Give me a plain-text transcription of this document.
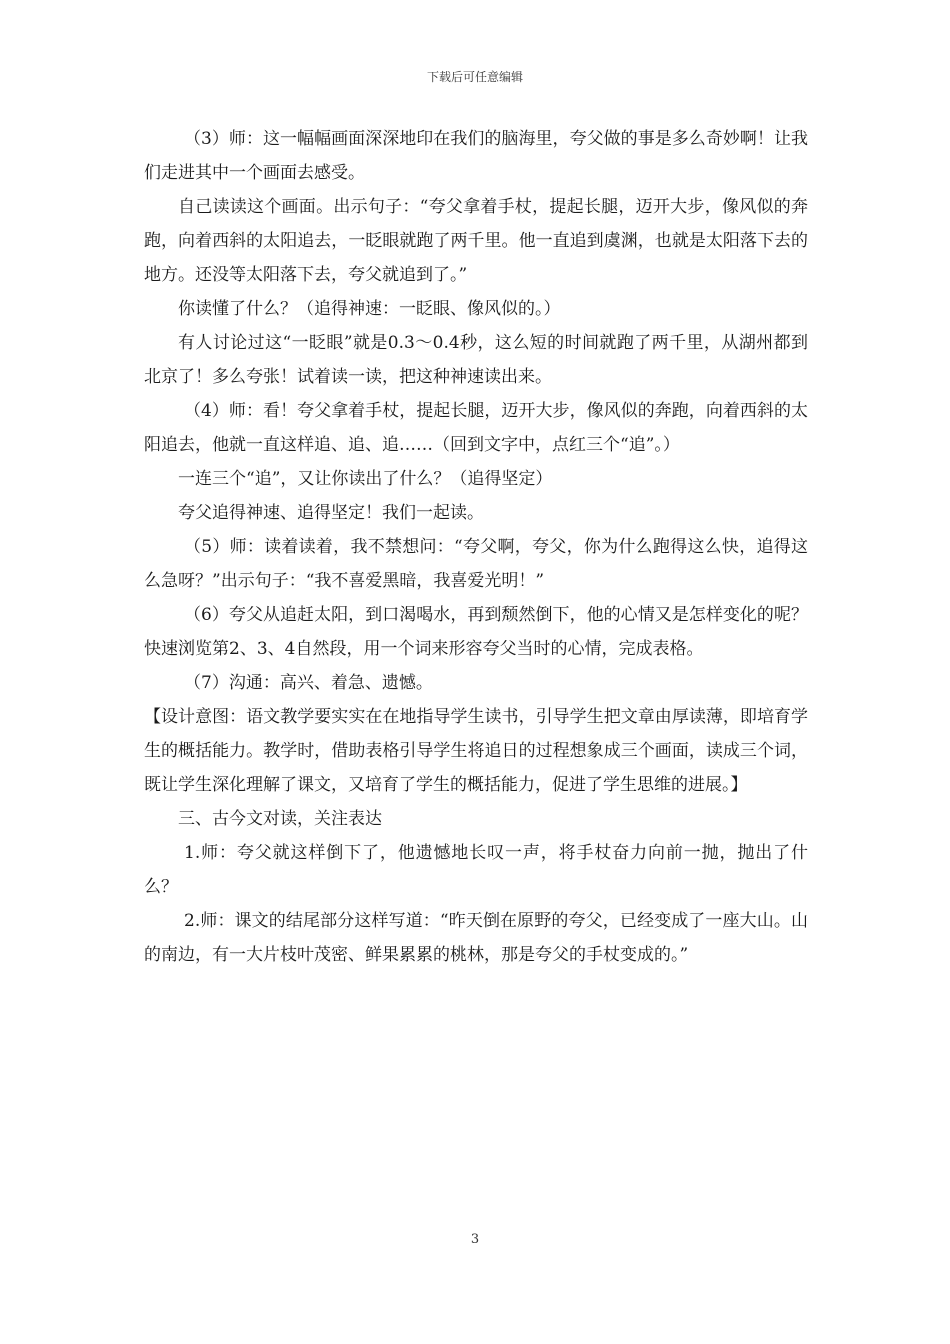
下载后可任意编辑

（3）师：这一幅幅画面深深地印在我们的脑海里，夸父做的事是多么奇妙啊！让我们走进其中一个画面去感受。

自己读读这个画面。出示句子：“夸父拿着手杖，提起长腿，迈开大步，像风似的奔跑，向着西斜的太阳追去，一眨眼就跑了两千里。他一直追到虞渊，也就是太阳落下去的地方。还没等太阳落下去，夸父就追到了。”

你读懂了什么？（追得神速：一眨眼、像风似的。）

有人讨论过这“一眨眼”就是0.3～0.4秒，这么短的时间就跑了两千里，从湖州都到北京了！多么夸张！试着读一读，把这种神速读出来。

（4）师：看！夸父拿着手杖，提起长腿，迈开大步，像风似的奔跑，向着西斜的太阳追去，他就一直这样追、追、追……（回到文字中，点红三个“追”。）

一连三个“追”，又让你读出了什么？（追得坚定）

夸父追得神速、追得坚定！我们一起读。

（5）师：读着读着，我不禁想问：“夸父啊，夸父，你为什么跑得这么快，追得这么急呀？”出示句子：“我不喜爱黑暗，我喜爱光明！”

（6）夸父从追赶太阳，到口渴喝水，再到颓然倒下，他的心情又是怎样变化的呢？快速浏览第2、3、4自然段，用一个词来形容夸父当时的心情，完成表格。

（7）沟通：高兴、着急、遗憾。

【设计意图：语文教学要实实在在地指导学生读书，引导学生把文章由厚读薄，即培育学生的概括能力。教学时，借助表格引导学生将追日的过程想象成三个画面，读成三个词，既让学生深化理解了课文，又培育了学生的概括能力，促进了学生思维的进展。】

三、古今文对读，关注表达

1.师：夸父就这样倒下了，他遗憾地长叹一声，将手杖奋力向前一抛，抛出了什么？

2.师：课文的结尾部分这样写道：“昨天倒在原野的夸父，已经变成了一座大山。山的南边，有一大片枝叶茂密、鲜果累累的桃林，那是夸父的手杖变成的。”

3
